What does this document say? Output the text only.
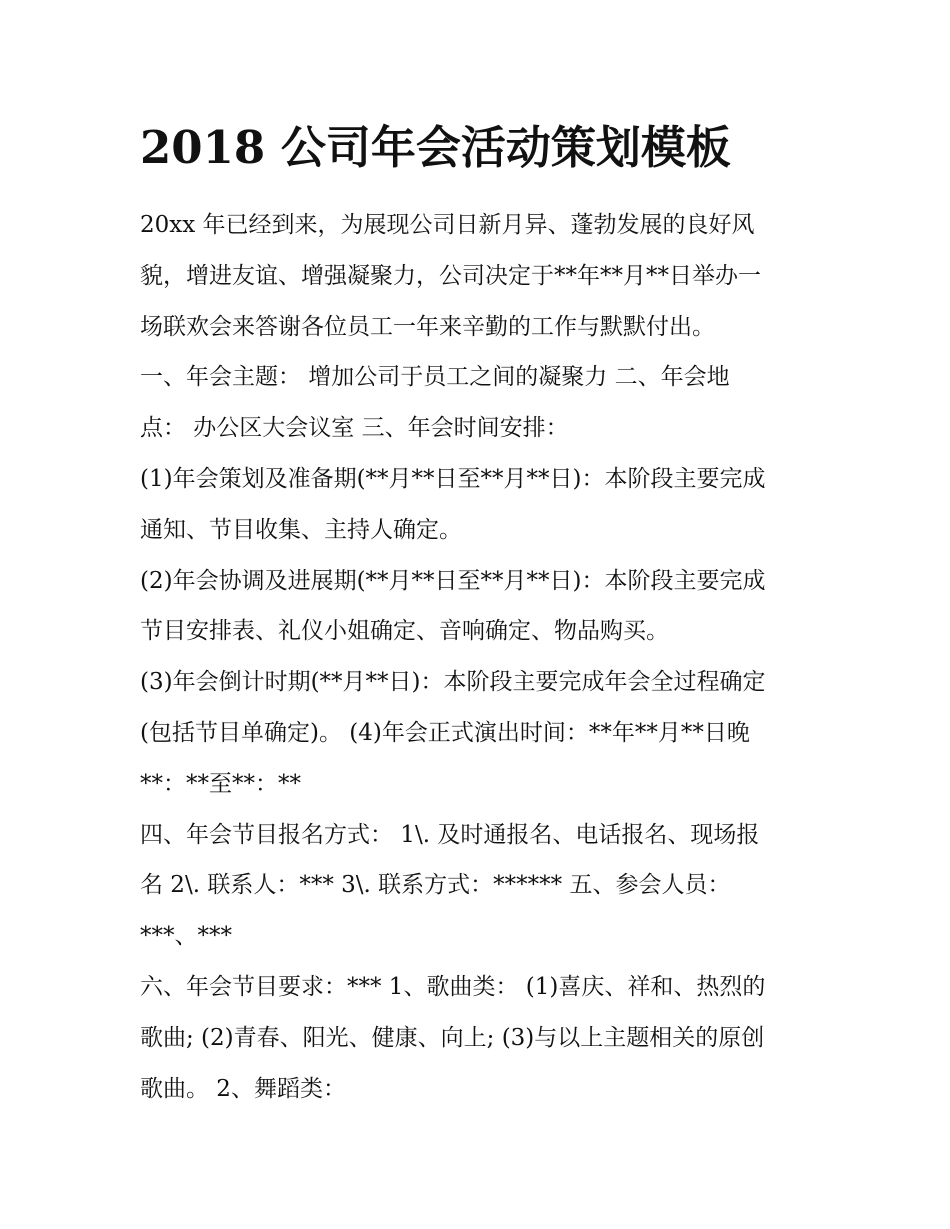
2018 公司年会活动策划模板

20xx 年已经到来，为展现公司日新月异、蓬勃发展的良好风

貌，增进友谊、增强凝聚力，公司决定于**年**月**日举办一

场联欢会来答谢各位员工一年来辛勤的工作与默默付出。

一、年会主题： 增加公司于员工之间的凝聚力 二、年会地

点： 办公区大会议室 三、年会时间安排：

(1)年会策划及准备期(**月**日至**月**日)：本阶段主要完成

通知、节目收集、主持人确定。

(2)年会协调及进展期(**月**日至**月**日)：本阶段主要完成

节目安排表、礼仪小姐确定、音响确定、物品购买。

(3)年会倒计时期(**月**日)：本阶段主要完成年会全过程确定

(包括节目单确定)。 (4)年会正式演出时间：**年**月**日晚

**：**至**：**

四、年会节目报名方式： 1\. 及时通报名、电话报名、现场报

名 2\. 联系人：*** 3\. 联系方式：****** 五、参会人员：

***、***

六、年会节目要求：*** 1、歌曲类： (1)喜庆、祥和、热烈的

歌曲; (2)青春、阳光、健康、向上; (3)与以上主题相关的原创

歌曲。 2、舞蹈类：
